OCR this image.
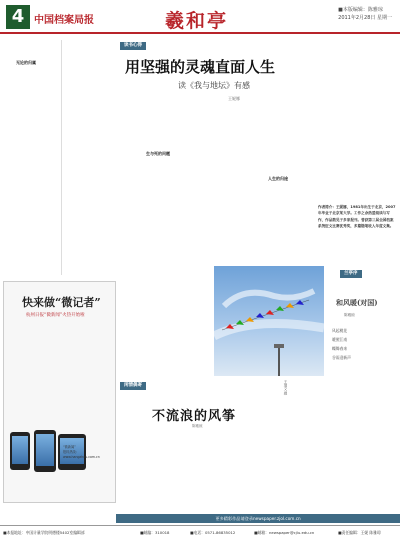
4 中国档案局报	羲和亭	■本版编辑：陈雅琼
2011年2月28日 星期一
无论的归属
读书心得
用坚强的灵魂直面人生
读《我与地坛》有感
王妮娜
生与死的问题
人生的归途
作者简介：王妮娜，1981年出生于北京，2007年毕业于北京某大学。工作之余热爱阅读与写作，作品散见于多家报刊。曾获第三届全国档案系统征文比赛优秀奖，多篇随笔收入年度文集。
闲情偶寄
快来做“微记者”
杭州日报“微新闻”火热开始啦
“微新闻”
报料热线：
www.hangzhou.com.cn
王瑞文 摄
兰亭序
和风暖(对国)
陈雅琼
风起桃花
暖照江南
蝶舞春来
谷雨迎新声
不流浪的风筝
陈雅琼
更多精彩作品请登录newspaper.zjol.com.cn
■本报地址：中国计量学院明德楼5402室编辑部	■邮编：310018	■电话：0571-86835012	■邮箱：newspaper@cjlu.edu.cn	■责任编辑：王妮 陈雅琼
